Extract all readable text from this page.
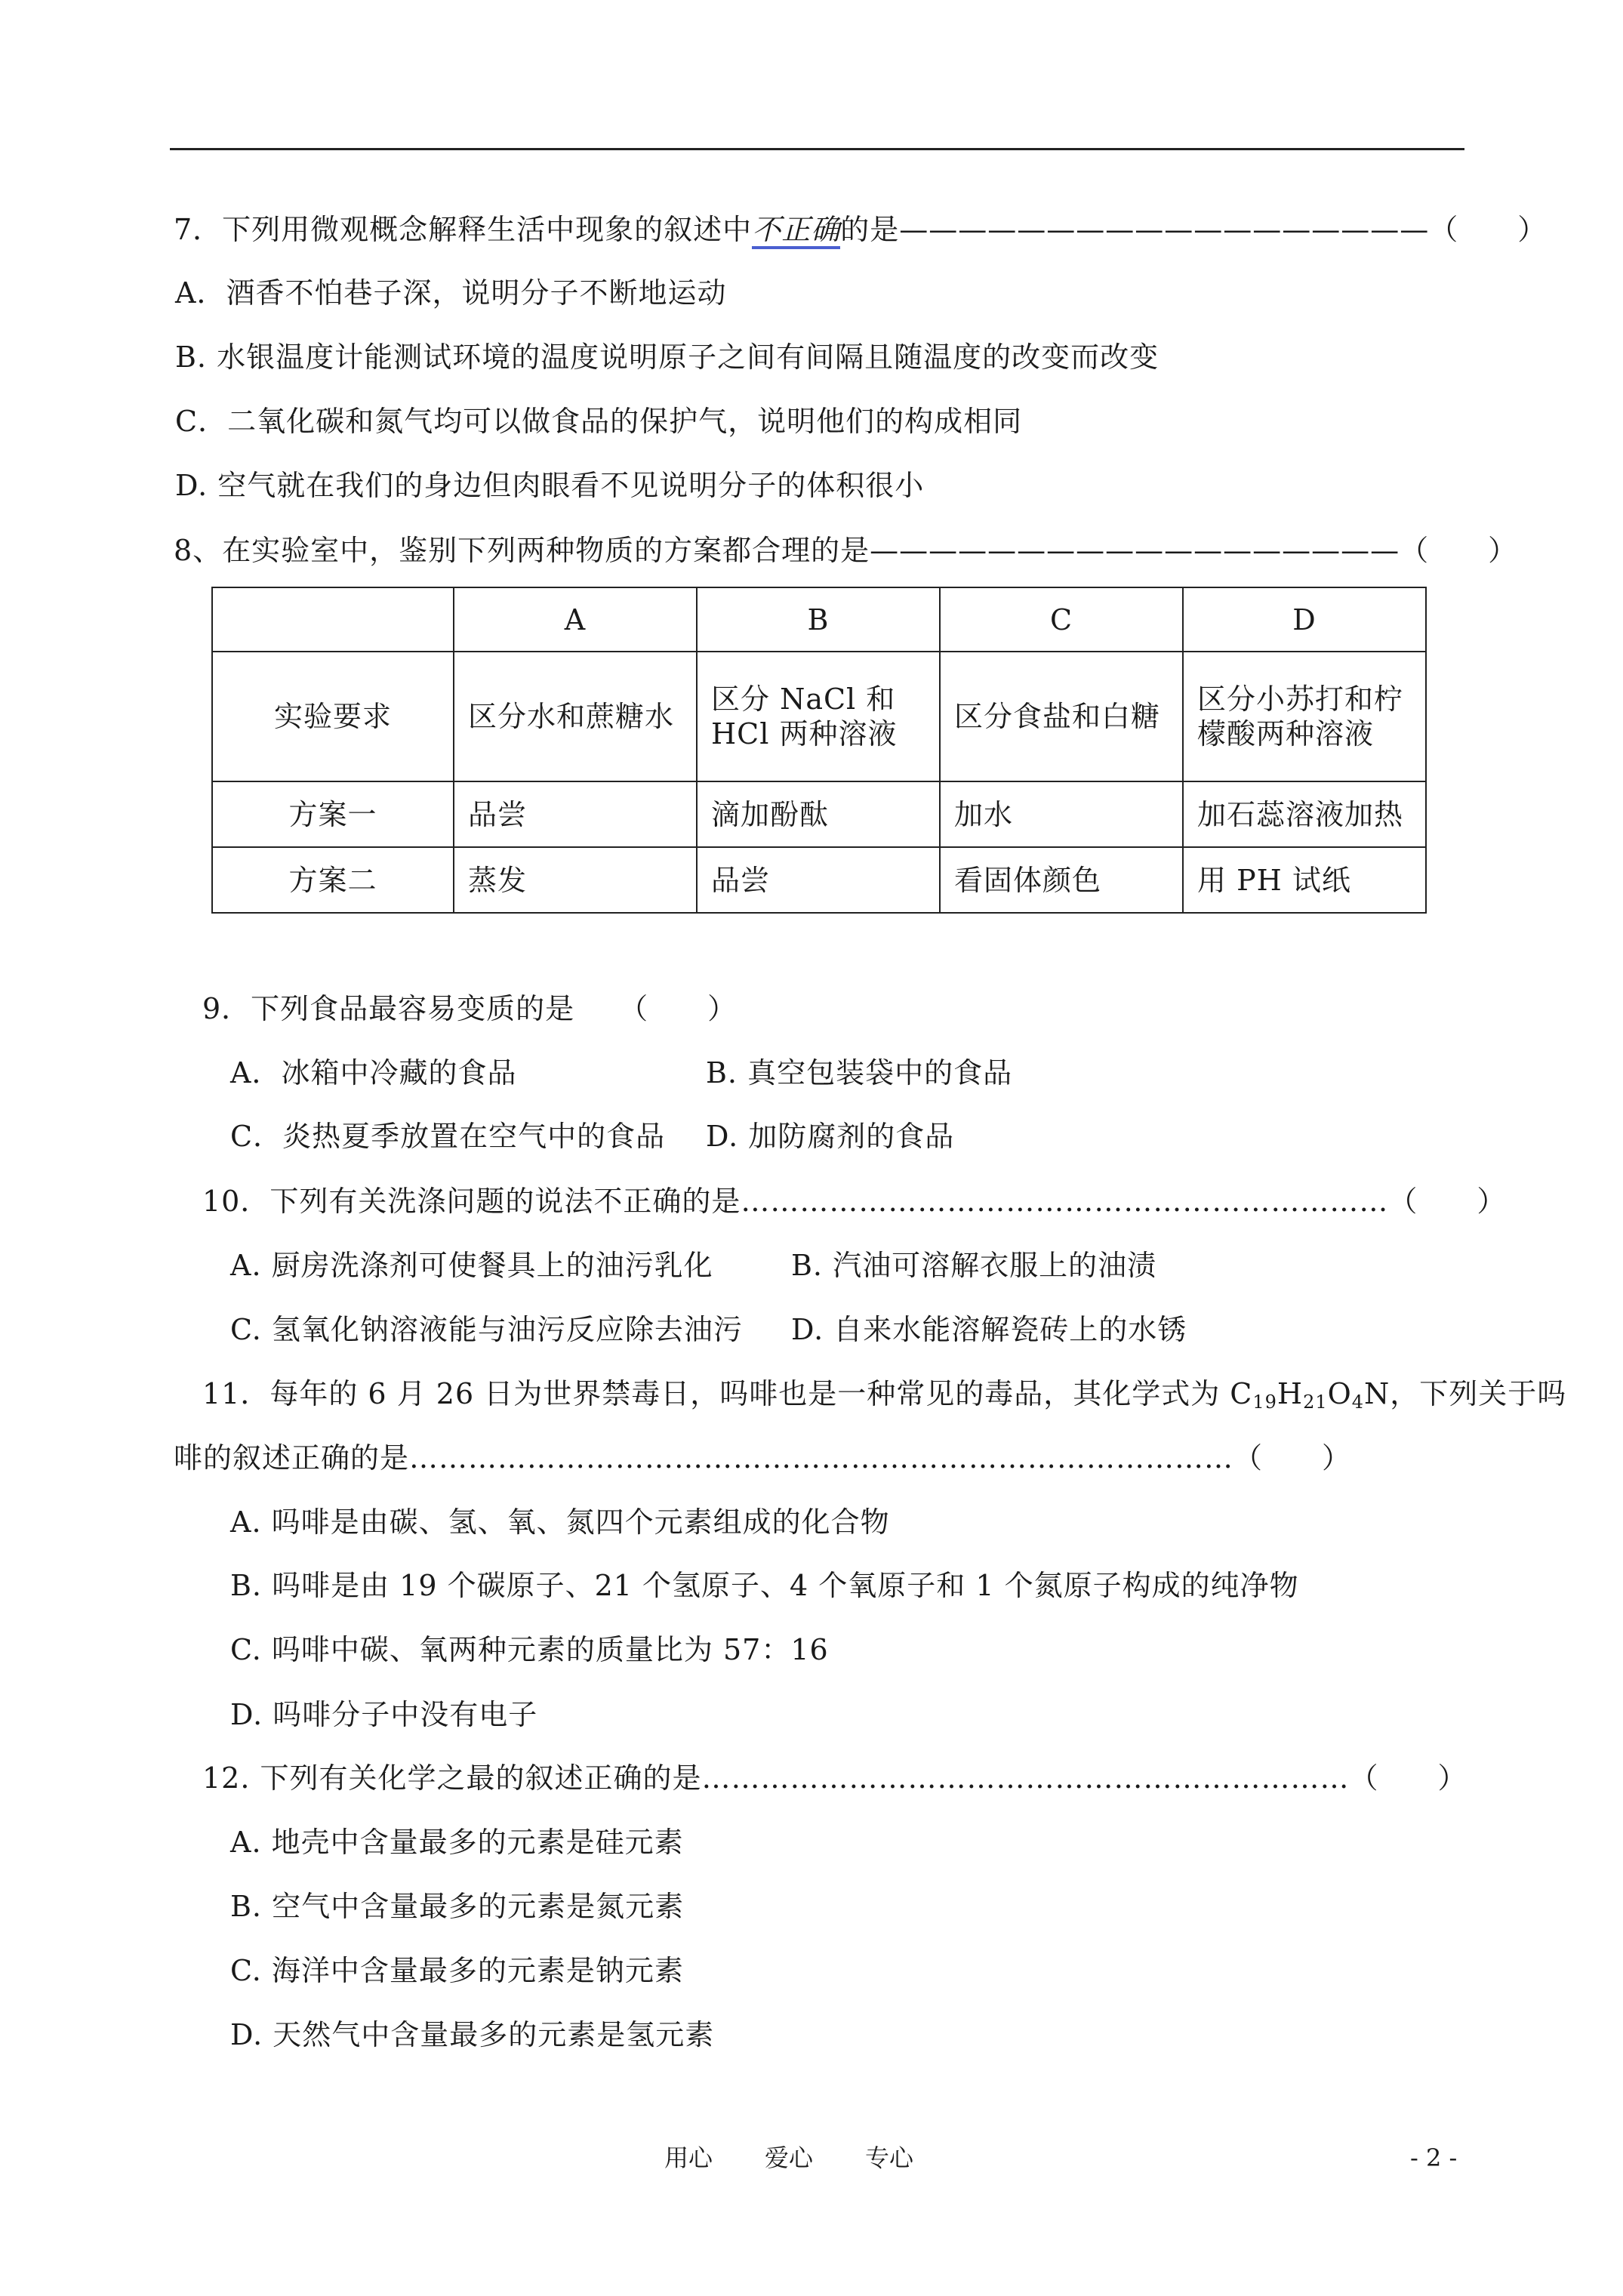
7．下列用微观概念解释生活中现象的叙述中不正确的是——————————————————（　　）
A．酒香不怕巷子深，说明分子不断地运动
B. 水银温度计能测试环境的温度说明原子之间有间隔且随温度的改变而改变
C．二氧化碳和氮气均可以做食品的保护气，说明他们的构成相同
D. 空气就在我们的身边但肉眼看不见说明分子的体积很小
8、在实验室中，鉴别下列两种物质的方案都合理的是——————————————————（　　）
	A	B	C	D
实验要求	区分水和蔗糖水	区分 NaCl 和 HCl 两种溶液	区分食盐和白糖	区分小苏打和柠檬酸两种溶液
方案一	品尝	滴加酚酞	加水	加石蕊溶液加热
方案二	蒸发	品尝	看固体颜色	用 PH 试纸
9．下列食品最容易变质的是　　（　　）
A．冰箱中冷藏的食品	B. 真空包装袋中的食品
C．炎热夏季放置在空气中的食品 D. 加防腐剂的食品
10．下列有关洗涤问题的说法不正确的是…………………………………………………………（　　）
A. 厨房洗涤剂可使餐具上的油污乳化	B. 汽油可溶解衣服上的油渍
C. 氢氧化钠溶液能与油污反应除去油污 D. 自来水能溶解瓷砖上的水锈
11．每年的 6 月 26 日为世界禁毒日，吗啡也是一种常见的毒品，其化学式为 $C_{19}H_{21}O_4N$，下列关于吗
啡的叙述正确的是…………………………………………………………………………（　　）
A. 吗啡是由碳、氢、氧、氮四个元素组成的化合物
B. 吗啡是由 19 个碳原子、21 个氢原子、4 个氧原子和 1 个氮原子构成的纯净物
C. 吗啡中碳、氧两种元素的质量比为 57：16
D. 吗啡分子中没有电子
12. 下列有关化学之最的叙述正确的是…………………………………………………………（　　）
A. 地壳中含量最多的元素是硅元素
B. 空气中含量最多的元素是氮元素
C. 海洋中含量最多的元素是钠元素
D. 天然气中含量最多的元素是氢元素
用心 爱心 专心	- 2 -
